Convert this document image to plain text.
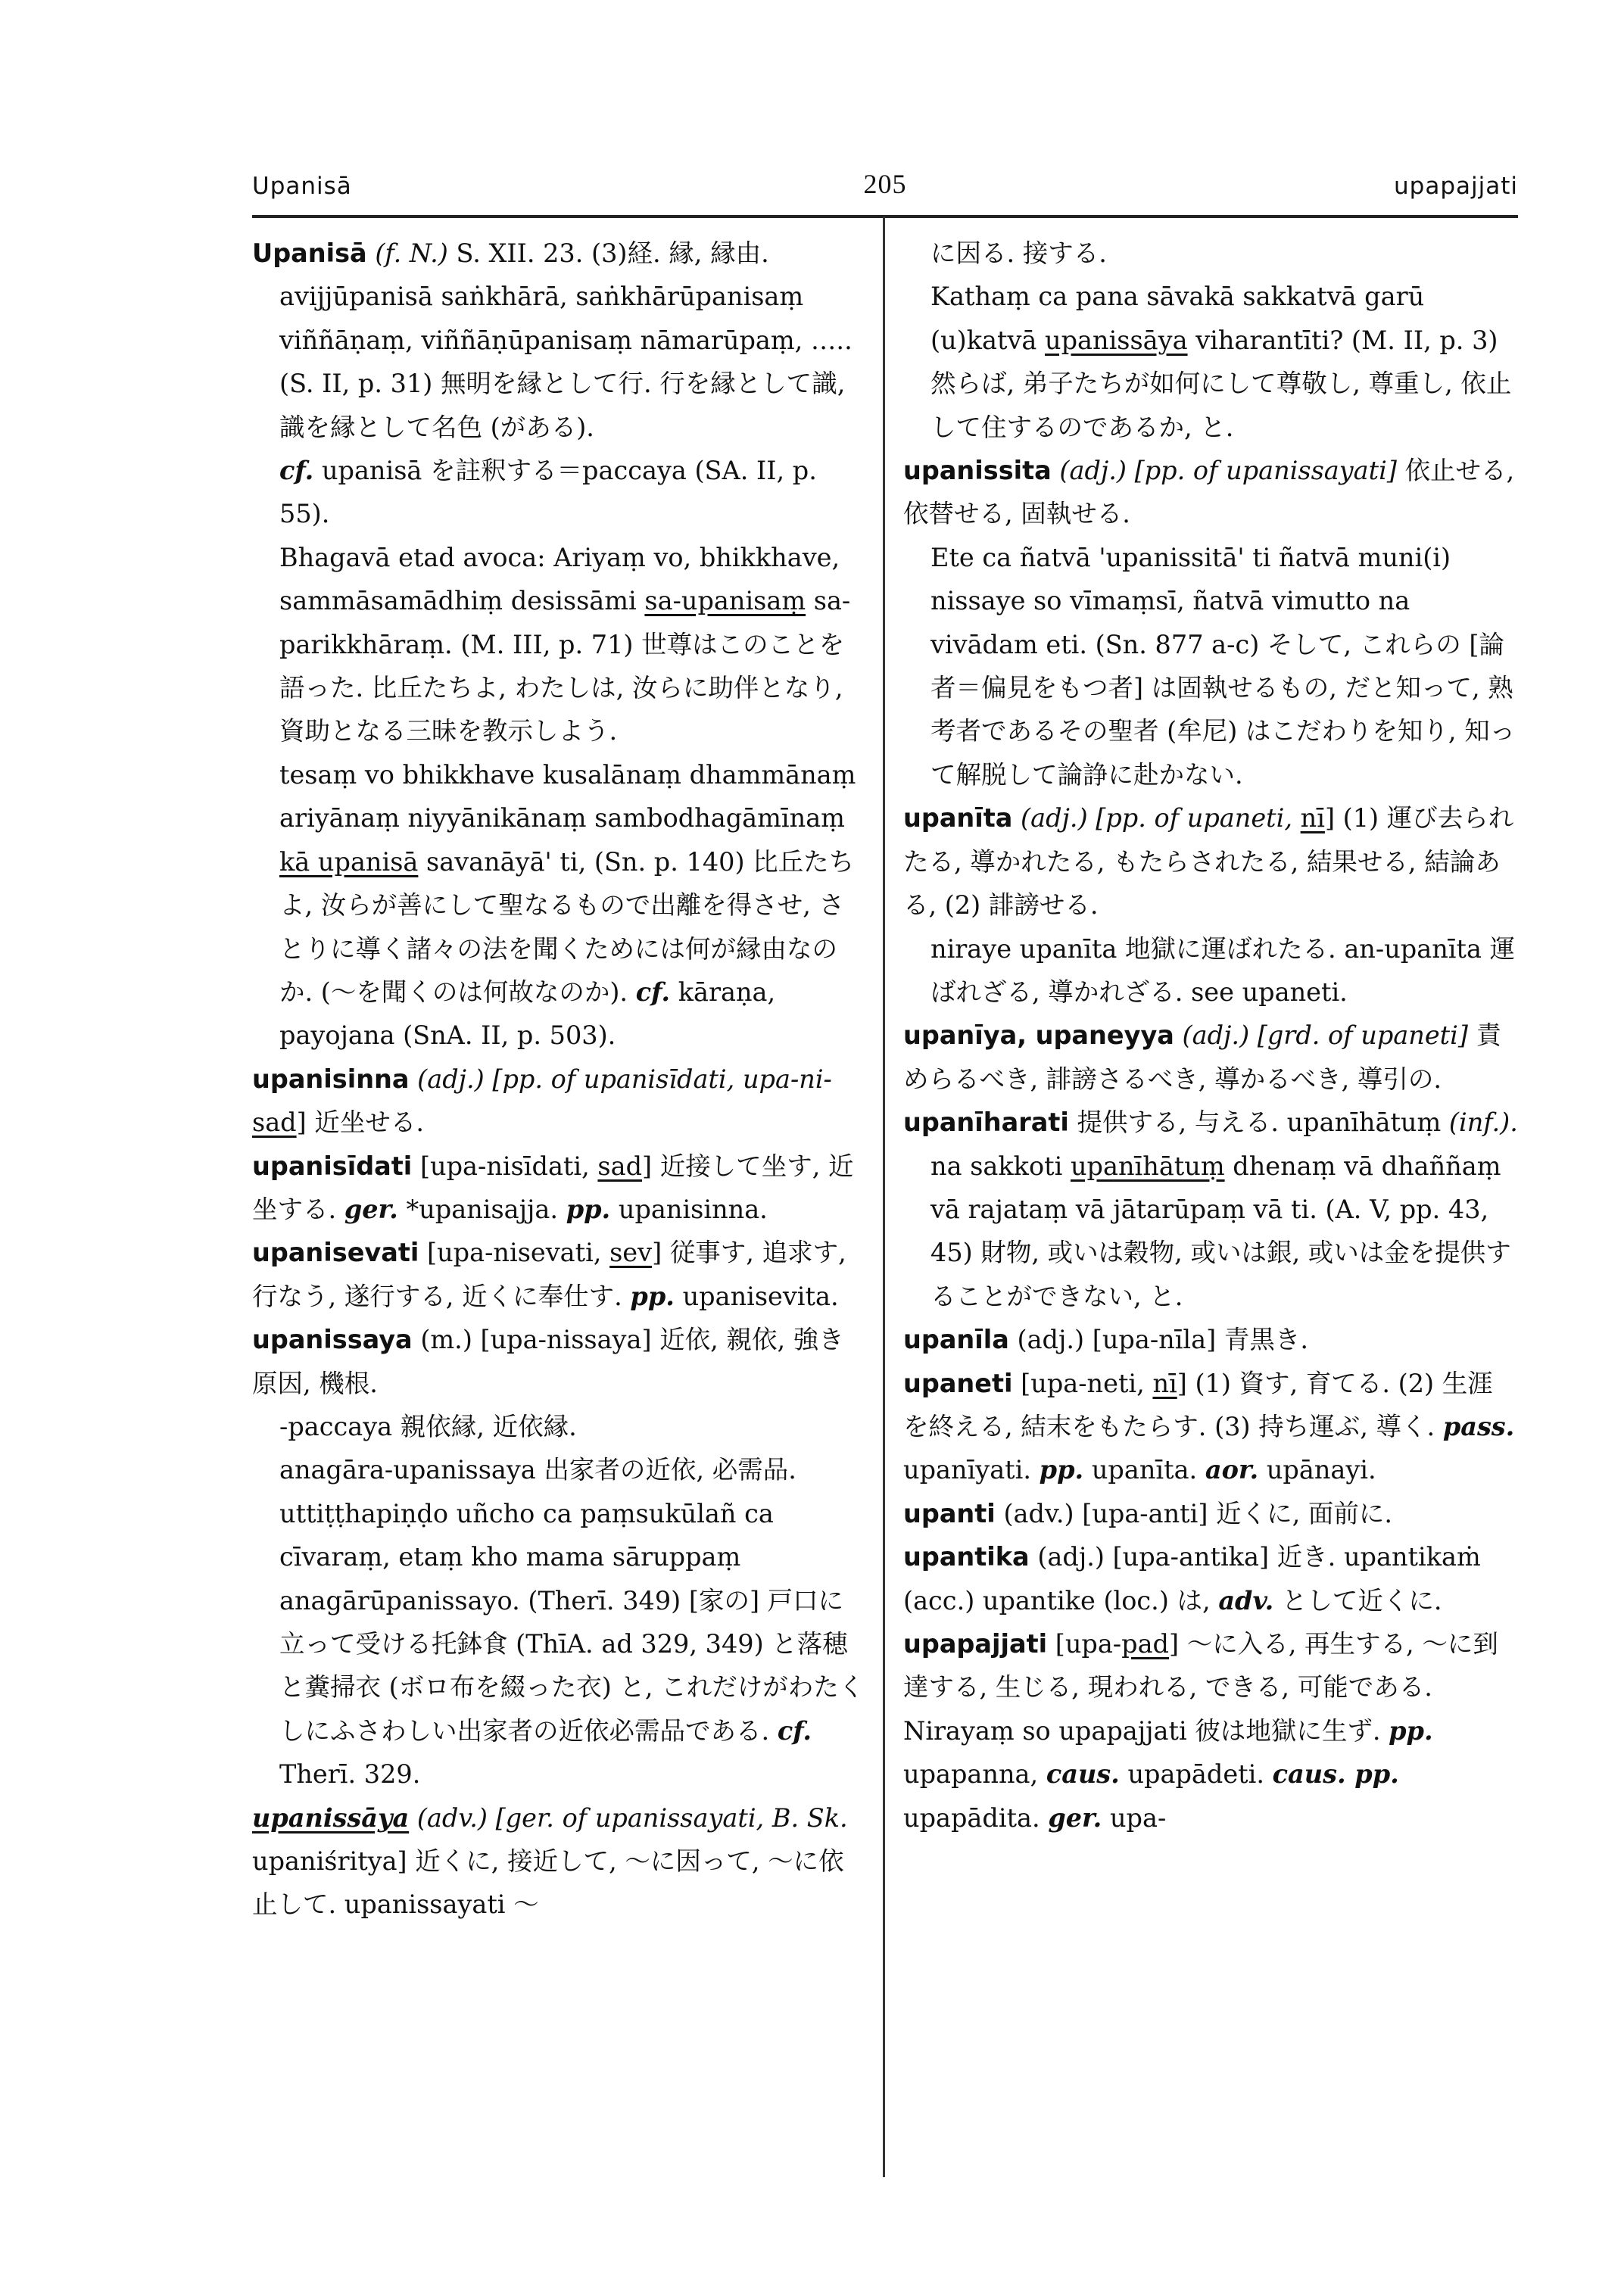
Upanisā	205	upapajjati

Upanisā (f. N.) S. XII. 23. (3)経. 縁, 縁由.

avijjūpanisā saṅkhārā, saṅkhārūpanisaṃ viññāṇaṃ, viññāṇūpanisaṃ nāmarūpaṃ, ….. (S. II, p. 31) 無明を縁として行. 行を縁として識, 識を縁として名色 (がある).

cf. upanisā を註釈する＝paccaya (SA. II, p. 55).

Bhagavā etad avoca: Ariyaṃ vo, bhikkhave, sammāsamādhiṃ desissāmi sa-upanisaṃ sa-parikkhāraṃ. (M. III, p. 71) 世尊はこのことを語った. 比丘たちよ, わたしは, 汝らに助伴となり, 資助となる三昧を教示しよう.

tesaṃ vo bhikkhave kusalānaṃ dhammānaṃ ariyānaṃ niyyānikānaṃ sambodhagāmīnaṃ kā upanisā savanāyā' ti, (Sn. p. 140) 比丘たちよ, 汝らが善にして聖なるもので出離を得させ, さとりに導く諸々の法を聞くためには何が縁由なのか. (～を聞くのは何故なのか). cf. kāraṇa, payojana (SnA. II, p. 503).

upanisinna (adj.) [pp. of upanisīdati, upa-ni-sad] 近坐せる.

upanisīdati [upa-nisīdati, sad] 近接して坐す, 近坐する. ger. *upanisajja. pp. upanisinna.

upanisevati [upa-nisevati, sev] 従事す, 追求す, 行なう, 遂行する, 近くに奉仕す. pp. upanisevita.

upanissaya (m.) [upa-nissaya] 近依, 親依, 強き原因, 機根.

-paccaya 親依縁, 近依縁.

anagāra-upanissaya 出家者の近依, 必需品.

uttiṭṭhapiṇḍo uñcho ca paṃsukūlañ ca cīvaraṃ, etaṃ kho mama sāruppaṃ anagārūpanissayo. (Therī. 349) [家の] 戸口に立って受ける托鉢食 (ThīA. ad 329, 349) と落穂と糞掃衣 (ボロ布を綴った衣) と, これだけがわたくしにふさわしい出家者の近依必需品である. cf. Therī. 329.

upanissāya (adv.) [ger. of upanissayati, B. Sk. upaniśritya] 近くに, 接近して, ～に因って, ～に依止して. upanissayati ～

に因る. 接する.

Kathaṃ ca pana sāvakā sakkatvā garū (u)katvā upanissāya viharantīti? (M. II, p. 3) 然らば, 弟子たちが如何にして尊敬し, 尊重し, 依止して住するのであるか, と.

upanissita (adj.) [pp. of upanissayati] 依止せる, 依替せる, 固執せる.

Ete ca ñatvā 'upanissitā' ti ñatvā muni(i) nissaye so vīmaṃsī, ñatvā vimutto na vivādam eti. (Sn. 877 a-c) そして, これらの [論者＝偏見をもつ者] は固執せるもの, だと知って, 熟考者であるその聖者 (牟尼) はこだわりを知り, 知って解脱して論諍に赴かない.

upanīta (adj.) [pp. of upaneti, nī] (1) 運び去られたる, 導かれたる, もたらされたる, 結果せる, 結論ある, (2) 誹謗せる.

niraye upanīta 地獄に運ばれたる. an-upanīta 運ばれざる, 導かれざる. see upaneti.

upanīya, upaneyya (adj.) [grd. of upaneti] 責めらるべき, 誹謗さるべき, 導かるべき, 導引の.

upanīharati 提供する, 与える. upanīhātuṃ (inf.).

na sakkoti upanīhātuṃ dhenaṃ vā dhaññaṃ vā rajataṃ vā jātarūpaṃ vā ti. (A. V, pp. 43, 45) 財物, 或いは穀物, 或いは銀, 或いは金を提供することができない, と.

upanīla (adj.) [upa-nīla] 青黒き.

upaneti [upa-neti, nī] (1) 資す, 育てる. (2) 生涯を終える, 結末をもたらす. (3) 持ち運ぶ, 導く. pass. upanīyati. pp. upanīta. aor. upānayi.

upanti (adv.) [upa-anti] 近くに, 面前に.

upantika (adj.) [upa-antika] 近き. upantikaṁ (acc.) upantike (loc.) は, adv. として近くに.

upapajjati [upa-pad] ～に入る, 再生する, ～に到達する, 生じる, 現われる, できる, 可能である. Nirayaṃ so upapajjati 彼は地獄に生ず. pp. upapanna, caus. upapādeti. caus. pp. upapādita. ger. upa-
